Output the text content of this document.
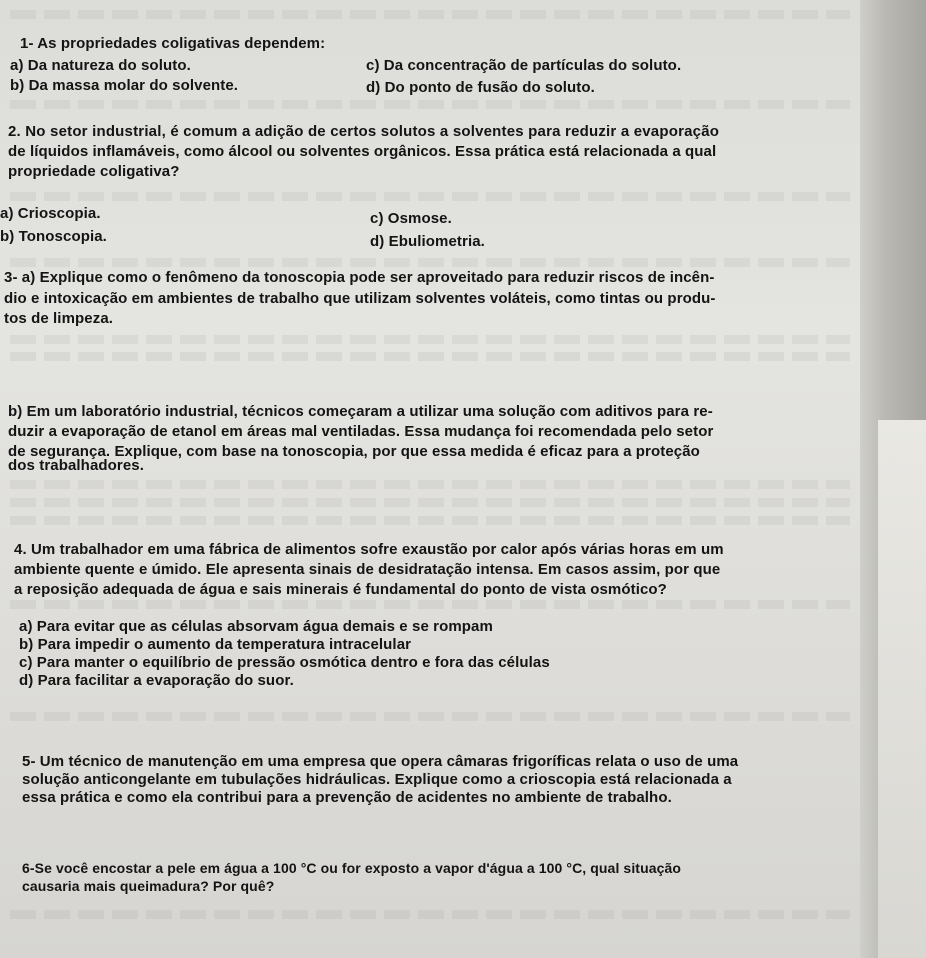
1- As propriedades coligativas dependem:
a) Da natureza do soluto.	c) Da concentração de partículas do soluto.
b) Da massa molar do solvente.	d) Do ponto de fusão do soluto.
2. No setor industrial, é comum a adição de certos solutos a solventes para reduzir a evaporação
de líquidos inflamáveis, como álcool ou solventes orgânicos. Essa prática está relacionada a qual
propriedade coligativa?
a) Crioscopia.	c) Osmose.
b) Tonoscopia.	d) Ebuliometria.
3- a) Explique como o fenômeno da tonoscopia pode ser aproveitado para reduzir riscos de incên-
dio e intoxicação em ambientes de trabalho que utilizam solventes voláteis, como tintas ou produ-
tos de limpeza.
b) Em um laboratório industrial, técnicos começaram a utilizar uma solução com aditivos para re-
duzir a evaporação de etanol em áreas mal ventiladas. Essa mudança foi recomendada pelo setor
de segurança. Explique, com base na tonoscopia, por que essa medida é eficaz para a proteção
dos trabalhadores.
4. Um trabalhador em uma fábrica de alimentos sofre exaustão por calor após várias horas em um
ambiente quente e úmido. Ele apresenta sinais de desidratação intensa. Em casos assim, por que
a reposição adequada de água e sais minerais é fundamental do ponto de vista osmótico?
a) Para evitar que as células absorvam água demais e se rompam
b) Para impedir o aumento da temperatura intracelular
c) Para manter o equilíbrio de pressão osmótica dentro e fora das células
d) Para facilitar a evaporação do suor.
5- Um técnico de manutenção em uma empresa que opera câmaras frigoríficas relata o uso de uma
solução anticongelante em tubulações hidráulicas. Explique como a crioscopia está relacionada a
essa prática e como ela contribui para a prevenção de acidentes no ambiente de trabalho.
6-Se você encostar a pele em água a 100 °C ou for exposto a vapor d'água a 100 °C, qual situação
causaria mais queimadura? Por quê?
